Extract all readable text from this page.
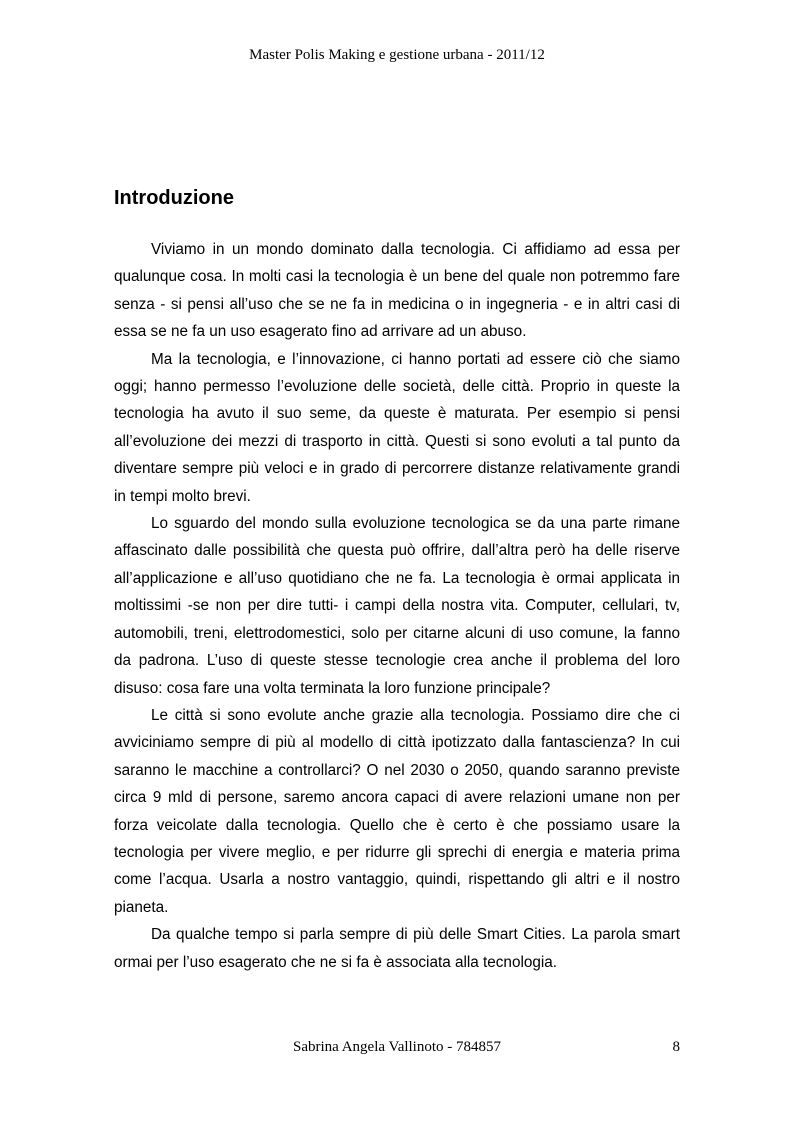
Master Polis Making e gestione urbana - 2011/12
Introduzione

Viviamo in un mondo dominato dalla tecnologia. Ci affidiamo ad essa per qualunque cosa. In molti casi la tecnologia è un bene del quale non potremmo fare senza - si pensi all’uso che se ne fa in medicina o in ingegneria - e in altri casi di essa se ne fa un uso esagerato fino ad arrivare ad un abuso.

Ma la tecnologia, e l’innovazione, ci hanno portati ad essere ciò che siamo oggi; hanno permesso l’evoluzione delle società, delle città. Proprio in queste la tecnologia ha avuto il suo seme, da queste è maturata. Per esempio si pensi all’evoluzione dei mezzi di trasporto in città. Questi si sono evoluti a tal punto da diventare sempre più veloci e in grado di percorrere distanze relativamente grandi in tempi molto brevi.

Lo sguardo del mondo sulla evoluzione tecnologica se da una parte rimane affascinato dalle possibilità che questa può offrire, dall’altra però ha delle riserve all’applicazione e all’uso quotidiano che ne fa. La tecnologia è ormai applicata in moltissimi -se non per dire tutti- i campi della nostra vita. Computer, cellulari, tv, automobili, treni, elettrodomestici, solo per citarne alcuni di uso comune, la fanno da padrona. L’uso di queste stesse tecnologie crea anche il problema del loro disuso: cosa fare una volta terminata la loro funzione principale?

Le città si sono evolute anche grazie alla tecnologia. Possiamo dire che ci avviciniamo sempre di più al modello di città ipotizzato dalla fantascienza? In cui saranno le macchine a controllarci? O nel 2030 o 2050, quando saranno previste circa 9 mld di persone, saremo ancora capaci di avere relazioni umane non per forza veicolate dalla tecnologia. Quello che è certo è che possiamo usare la tecnologia per vivere meglio, e per ridurre gli sprechi di energia e materia prima come l’acqua. Usarla a nostro vantaggio, quindi, rispettando gli altri e il nostro pianeta.

Da qualche tempo si parla sempre di più delle Smart Cities. La parola smart ormai per l’uso esagerato che ne si fa è associata alla tecnologia.

Sabrina Angela Vallinoto - 784857	8
